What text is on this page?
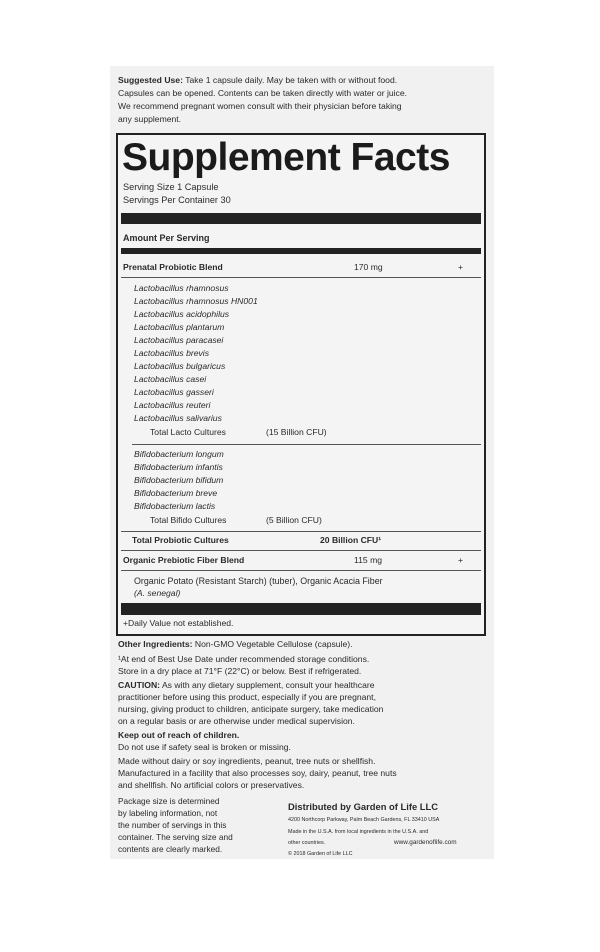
Suggested Use: Take 1 capsule daily. May be taken with or without food.
Capsules can be opened. Contents can be taken directly with water or juice.
We recommend pregnant women consult with their physician before taking
any supplement.
Supplement Facts
Serving Size 1 Capsule
Servings Per Container 30
Amount Per Serving
Prenatal Probiotic Blend	170 mg	+
Lactobacillus rhamnosus
Lactobacillus rhamnosus HN001
Lactobacillus acidophilus
Lactobacillus plantarum
Lactobacillus paracasei
Lactobacillus brevis
Lactobacillus bulgaricus
Lactobacillus casei
Lactobacillus gasseri
Lactobacillus reuteri
Lactobacillus salivarius
Total Lacto Cultures	(15 Billion CFU)
Bifidobacterium longum
Bifidobacterium infantis
Bifidobacterium bifidum
Bifidobacterium breve
Bifidobacterium lactis
Total Bifido Cultures	(5 Billion CFU)
Total Probiotic Cultures	20 Billion CFU¹
Organic Prebiotic Fiber Blend	115 mg	+
Organic Potato (Resistant Starch) (tuber), Organic Acacia Fiber
(A. senegal)
+Daily Value not established.
Other Ingredients: Non-GMO Vegetable Cellulose (capsule).
¹At end of Best Use Date under recommended storage conditions.
Store in a dry place at 71°F (22°C) or below. Best if refrigerated.
CAUTION: As with any dietary supplement, consult your healthcare
practitioner before using this product, especially if you are pregnant,
nursing, giving product to children, anticipate surgery, take medication
on a regular basis or are otherwise under medical supervision.
Keep out of reach of children.
Do not use if safety seal is broken or missing.
Made without dairy or soy ingredients, peanut, tree nuts or shellfish.
Manufactured in a facility that also processes soy, dairy, peanut, tree nuts
and shellfish. No artificial colors or preservatives.
Package size is determined
by labeling information, not
the number of servings in this
container. The serving size and
contents are clearly marked.
Distributed by Garden of Life LLC
4200 Northcorp Parkway, Palm Beach Gardens, FL 33410 USA
Made in the U.S.A. from local ingredients in the U.S.A. and
other countries.	www.gardenoflife.com
© 2018 Garden of Life LLC
